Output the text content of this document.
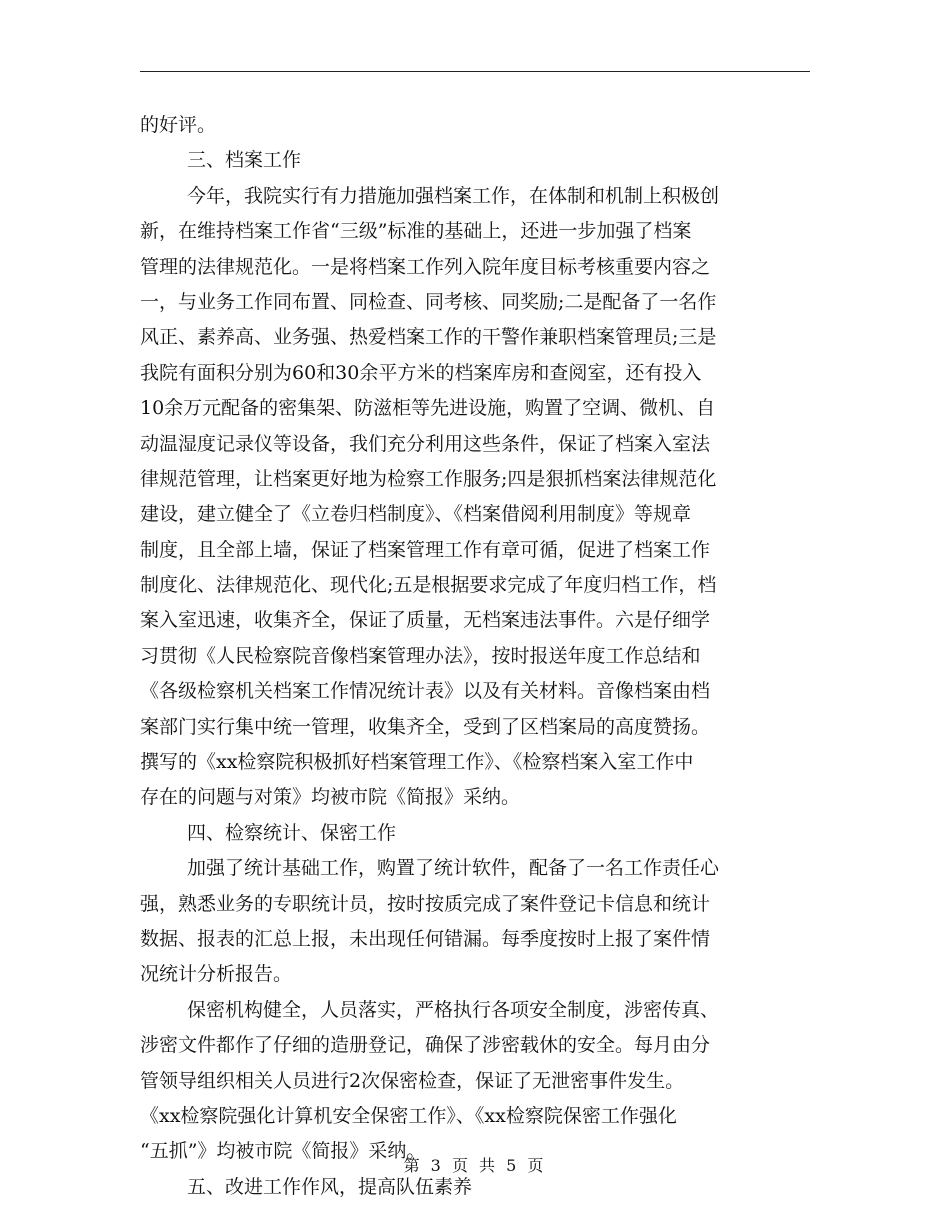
的好评。
三、档案工作
今年，我院实行有力措施加强档案工作，在体制和机制上积极创
新，在维持档案工作省“三级”标准的基础上，还进一步加强了档案
管理的法律规范化。一是将档案工作列入院年度目标考核重要内容之
一，与业务工作同布置、同检查、同考核、同奖励;二是配备了一名作
风正、素养高、业务强、热爱档案工作的干警作兼职档案管理员;三是
我院有面积分别为60和30余平方米的档案库房和查阅室，还有投入
10余万元配备的密集架、防滋柜等先进设施，购置了空调、微机、自
动温湿度记录仪等设备，我们充分利用这些条件，保证了档案入室法
律规范管理，让档案更好地为检察工作服务;四是狠抓档案法律规范化
建设，建立健全了《立卷归档制度》、《档案借阅利用制度》等规章
制度，且全部上墙，保证了档案管理工作有章可循，促进了档案工作
制度化、法律规范化、现代化;五是根据要求完成了年度归档工作，档
案入室迅速，收集齐全，保证了质量，无档案违法事件。六是仔细学
习贯彻《人民检察院音像档案管理办法》，按时报送年度工作总结和
《各级检察机关档案工作情况统计表》以及有关材料。音像档案由档
案部门实行集中统一管理，收集齐全，受到了区档案局的高度赞扬。
撰写的《xx检察院积极抓好档案管理工作》、《检察档案入室工作中
存在的问题与对策》均被市院《简报》采纳。
四、检察统计、保密工作
加强了统计基础工作，购置了统计软件，配备了一名工作责任心
强，熟悉业务的专职统计员，按时按质完成了案件登记卡信息和统计
数据、报表的汇总上报，未出现任何错漏。每季度按时上报了案件情
况统计分析报告。
保密机构健全，人员落实，严格执行各项安全制度，涉密传真、
涉密文件都作了仔细的造册登记，确保了涉密载休的安全。每月由分
管领导组织相关人员进行2次保密检查，保证了无泄密事件发生。
《xx检察院强化计算机安全保密工作》、《xx检察院保密工作强化
“五抓”》均被市院《简报》采纳。
五、改进工作作风，提高队伍素养
第 3 页 共 5 页
